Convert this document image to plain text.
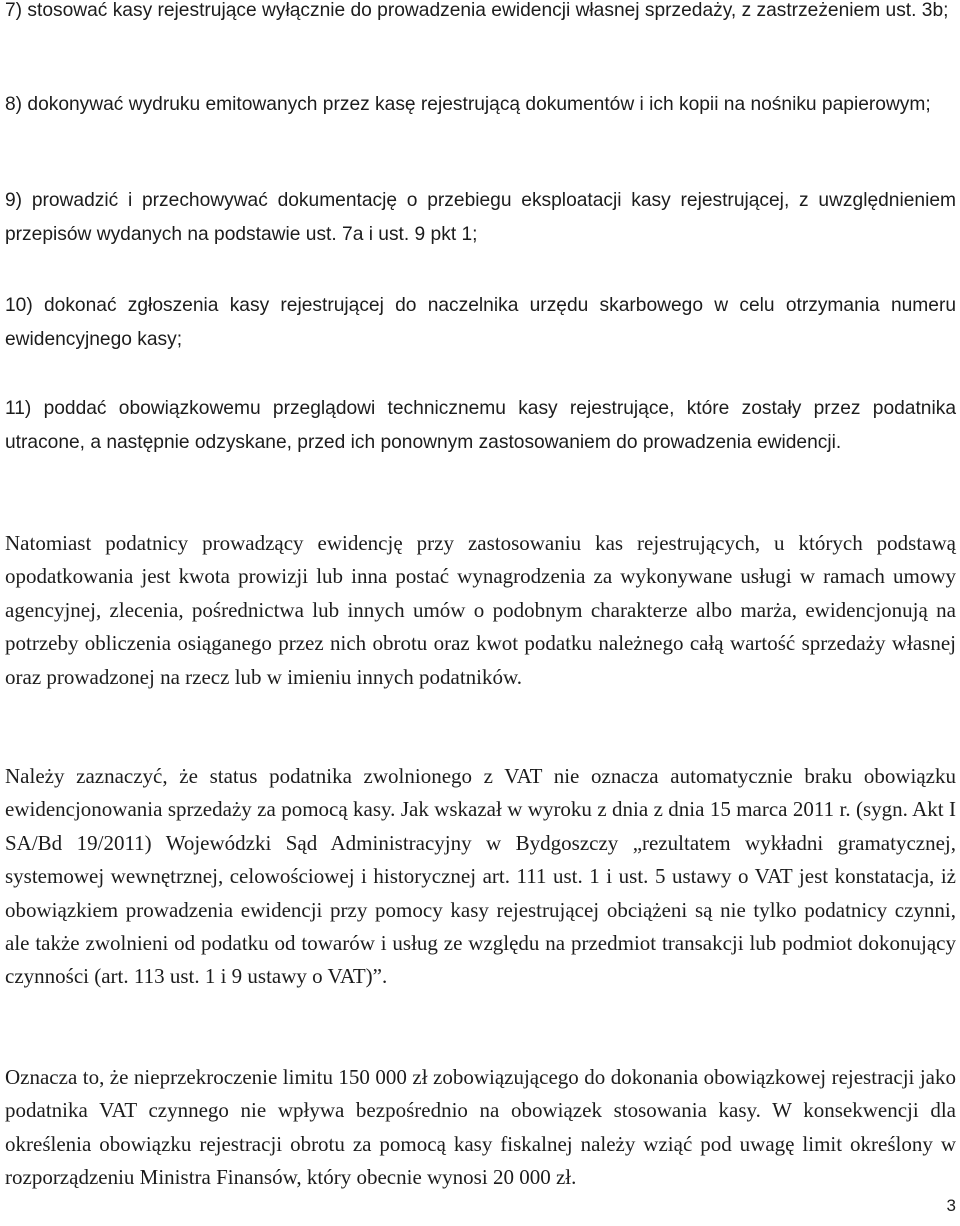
7) stosować kasy rejestrujące wyłącznie do prowadzenia ewidencji własnej sprzedaży, z zastrzeżeniem ust. 3b;

8) dokonywać wydruku emitowanych przez kasę rejestrującą dokumentów i ich kopii na nośniku papierowym;

9) prowadzić i przechowywać dokumentację o przebiegu eksploatacji kasy rejestrującej, z uwzględnieniem przepisów wydanych na podstawie ust. 7a i ust. 9 pkt 1;

10) dokonać zgłoszenia kasy rejestrującej do naczelnika urzędu skarbowego w celu otrzymania numeru ewidencyjnego kasy;

11) poddać obowiązkowemu przeglądowi technicznemu kasy rejestrujące, które zostały przez podatnika utracone, a następnie odzyskane, przed ich ponownym zastosowaniem do prowadzenia ewidencji.

Natomiast podatnicy prowadzący ewidencję przy zastosowaniu kas rejestrujących, u których podstawą opodatkowania jest kwota prowizji lub inna postać wynagrodzenia za wykonywane usługi w ramach umowy agencyjnej, zlecenia, pośrednictwa lub innych umów o podobnym charakterze albo marża, ewidencjonują na potrzeby obliczenia osiąganego przez nich obrotu oraz kwot podatku należnego całą wartość sprzedaży własnej oraz prowadzonej na rzecz lub w imieniu innych podatników.

Należy zaznaczyć, że status podatnika zwolnionego z VAT nie oznacza automatycznie braku obowiązku ewidencjonowania sprzedaży za pomocą kasy. Jak wskazał w wyroku z dnia z dnia 15 marca 2011 r. (sygn. Akt I SA/Bd 19/2011) Wojewódzki Sąd Administracyjny w Bydgoszczy „rezultatem wykładni gramatycznej, systemowej wewnętrznej, celowościowej i historycznej art. 111 ust. 1 i ust. 5 ustawy o VAT jest konstatacja, iż obowiązkiem prowadzenia ewidencji przy pomocy kasy rejestrującej obciążeni są nie tylko podatnicy czynni, ale także zwolnieni od podatku od towarów i usług ze względu na przedmiot transakcji lub podmiot dokonujący czynności (art. 113 ust. 1 i 9 ustawy o VAT)”.

Oznacza to, że nieprzekroczenie limitu 150 000 zł zobowiązującego do dokonania obowiązkowej rejestracji jako podatnika VAT czynnego nie wpływa bezpośrednio na obowiązek stosowania kasy. W konsekwencji dla określenia obowiązku rejestracji obrotu za pomocą kasy fiskalnej należy wziąć pod uwagę limit określony w rozporządzeniu Ministra Finansów, który obecnie wynosi 20 000 zł.

3
